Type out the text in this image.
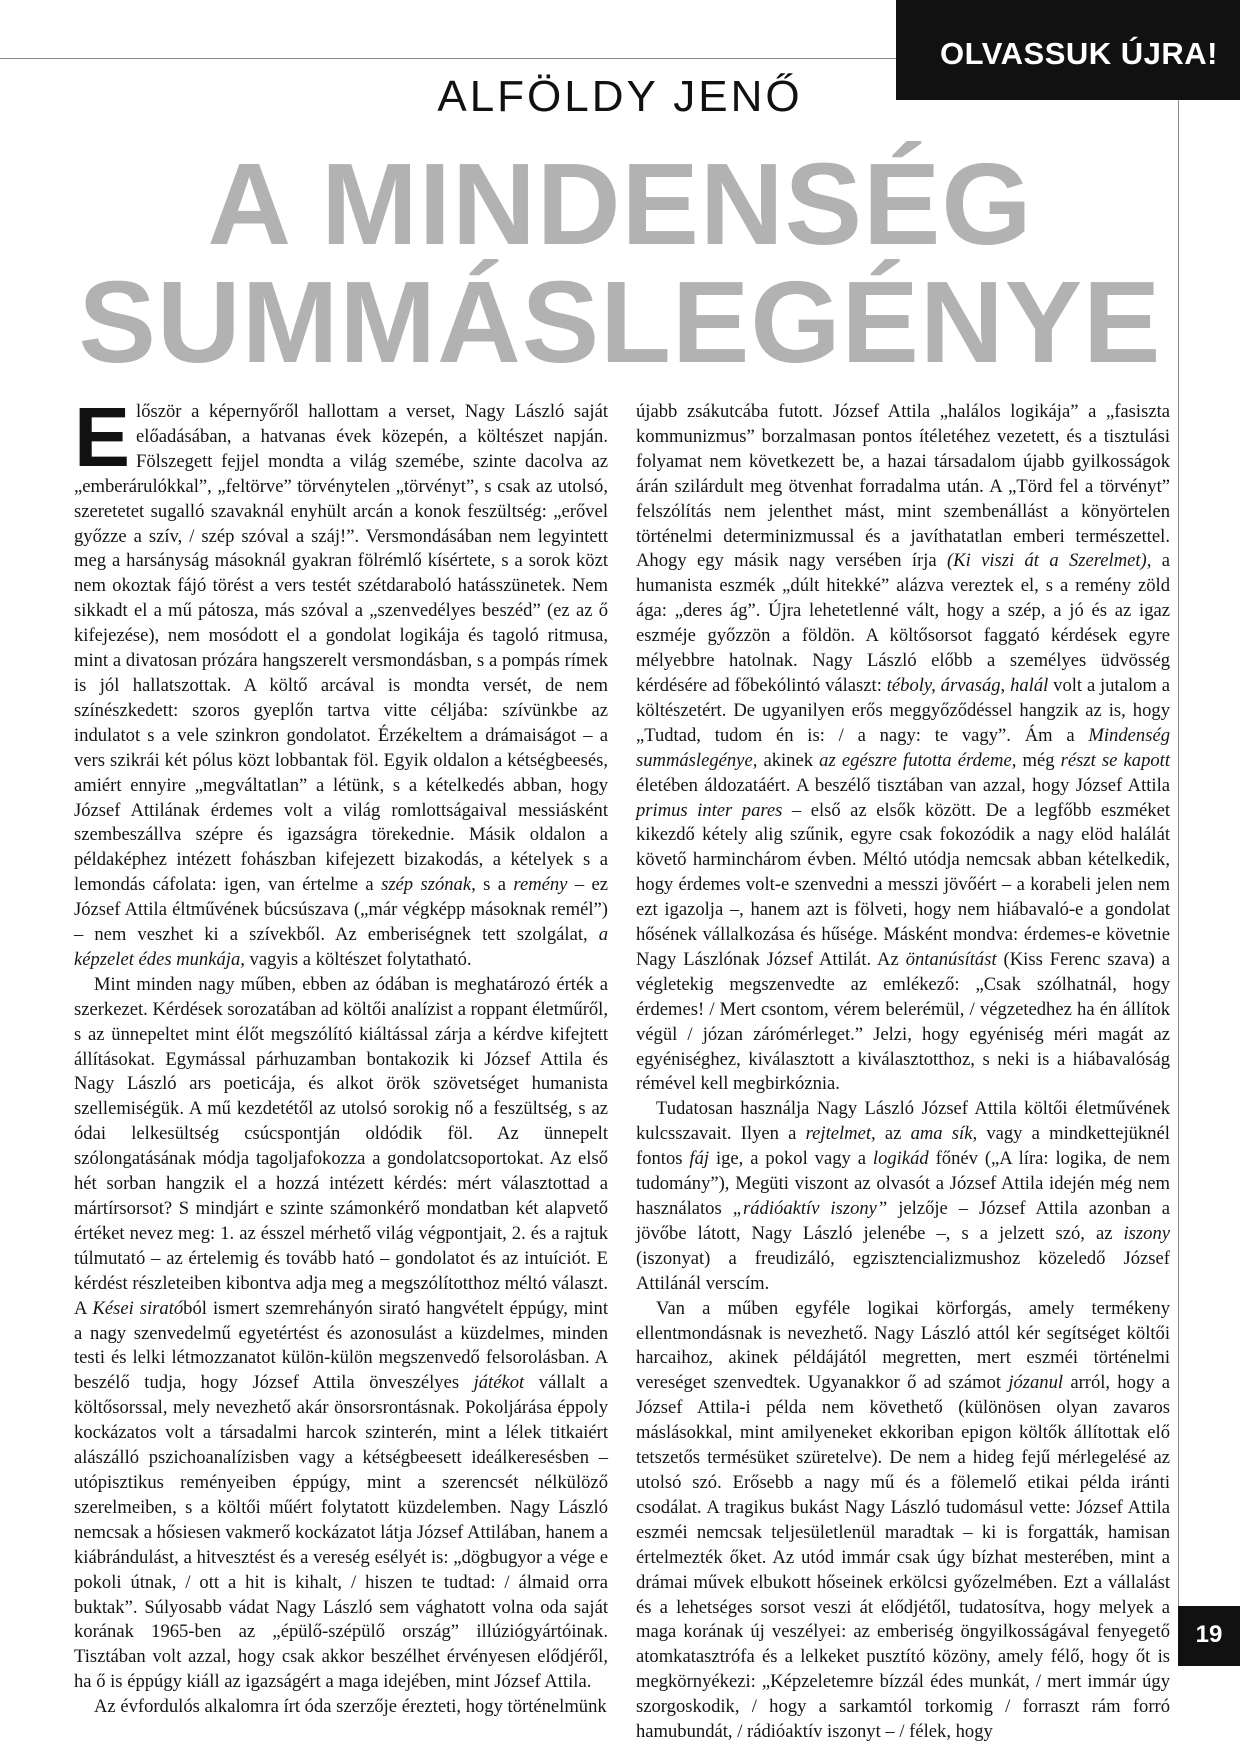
OLVASSUK ÚJRA!
ALFÖLDY JENŐ
A MINDENSÉG
SUMMÁSLEGÉNYE

Először a képernyőről hallottam a verset, Nagy László saját előadásában, a hatvanas évek közepén, a költészet napján. Fölszegett fejjel mondta a világ szemébe, szinte dacolva az „emberárulókkal”, „feltörve” törvénytelen „törvényt”, s csak az utolsó, szeretetet sugalló szavaknál enyhült arcán a konok feszültség: „erővel győzze a szív, / szép szóval a száj!”. Versmondásában nem legyintett meg a harsányság másoknál gyakran fölrémlő kísértete, s a sorok közt nem okoztak fájó törést a vers testét szétdaraboló hatásszünetek. Nem sikkadt el a mű pátosza, más szóval a „szenvedélyes beszéd” (ez az ő kifejezése), nem mosódott el a gondolat logikája és tagoló ritmusa, mint a divatosan prózára hangszerelt versmondásban, s a pompás rímek is jól hallatszottak. A költő arcával is mondta versét, de nem színészkedett: szoros gyeplőn tartva vitte céljába: szívünkbe az indulatot s a vele szinkron gondolatot. Érzékeltem a drámaiságot – a vers szikrái két pólus közt lobbantak föl. Egyik oldalon a kétségbeesés, amiért ennyire „megváltatlan” a létünk, s a kételkedés abban, hogy József Attilának érdemes volt a világ romlottságaival messiásként szembeszállva szépre és igazságra törekednie. Másik oldalon a példaképhez intézett fohászban kifejezett bizakodás, a kételyek s a lemondás cáfolata: igen, van értelme a szép szónak, s a remény – ez József Attila éltművének búcsúszava („már végképp másoknak remél”) – nem veszhet ki a szívekből. Az emberiségnek tett szolgálat, a képzelet édes munkája, vagyis a költészet folytatható.

Mint minden nagy műben, ebben az ódában is meghatározó érték a szerkezet. Kérdések sorozatában ad költői analízist a roppant életműről, s az ünnepeltet mint élőt megszólító kiáltással zárja a kérdve kifejtett állításokat. Egymással párhuzamban bontakozik ki József Attila és Nagy László ars poeticája, és alkot örök szövetséget humanista szellemiségük. A mű kezdetétől az utolsó sorokig nő a feszültség, s az ódai lelkesültség csúcspontján oldódik föl. Az ünnepelt szólongatásának módja tagoljafokozza a gondolatcsoportokat. Az első hét sorban hangzik el a hozzá intézett kérdés: mért választottad a mártírsorsot? S mindjárt e szinte számonkérő mondatban két alapvető értéket nevez meg: 1. az ésszel mérhető világ végpontjait, 2. és a rajtuk túlmutató – az értelemig és tovább ható – gondolatot és az intuíciót. E kérdést részleteiben kibontva adja meg a megszólítotthoz méltó választ. A Kései siratóból ismert szemrehányón sirató hangvételt éppúgy, mint a nagy szenvedelmű egyetértést és azonosulást a küzdelmes, minden testi és lelki létmozzanatot külön-külön megszenvedő felsorolásban. A beszélő tudja, hogy József Attila önveszélyes játékot vállalt a költősorssal, mely nevezhető akár önsorsrontásnak. Pokoljárása éppoly kockázatos volt a társadalmi harcok szinterén, mint a lélek titkaiért alászálló pszichoanalízisben vagy a kétségbeesett ideálkeresésben – utópisztikus reményeiben éppúgy, mint a szerencsét nélkülöző szerelmeiben, s a költői műért folytatott küzdelemben. Nagy László nemcsak a hősiesen vakmerő kockázatot látja József Attilában, hanem a kiábrándulást, a hitvesztést és a vereség esélyét is: „dögbugyor a vége e pokoli útnak, / ott a hit is kihalt, / hiszen te tudtad: / álmaid orra buktak”. Súlyosabb vádat Nagy László sem vághatott volna oda saját korának 1965-ben az „épülő-szépülő ország” illúziógyártóinak. Tisztában volt azzal, hogy csak akkor beszélhet érvényesen elődjéről, ha ő is éppúgy kiáll az igazságért a maga idejében, mint József Attila.

Az évfordulós alkalomra írt óda szerzője érezteti, hogy történelmünk

újabb zsákutcába futott. József Attila „halálos logikája” a „fasiszta kommunizmus” borzalmasan pontos ítéletéhez vezetett, és a tisztulási folyamat nem következett be, a hazai társadalom újabb gyilkosságok árán szilárdult meg ötvenhat forradalma után. A „Törd fel a törvényt” felszólítás nem jelenthet mást, mint szembenállást a könyörtelen történelmi determinizmussal és a javíthatatlan emberi természettel. Ahogy egy másik nagy versében írja (Ki viszi át a Szerelmet), a humanista eszmék „dúlt hitekké” alázva vereztek el, s a remény zöld ága: „deres ág”. Újra lehetetlenné vált, hogy a szép, a jó és az igaz eszméje győzzön a földön. A költősorsot faggató kérdések egyre mélyebbre hatolnak. Nagy László előbb a személyes üdvösség kérdésére ad főbekólintó választ: téboly, árvaság, halál volt a jutalom a költészetért. De ugyanilyen erős meggyőződéssel hangzik az is, hogy „Tudtad, tudom én is: / a nagy: te vagy”. Ám a Mindenség summáslegénye, akinek az egészre futotta érdeme, még részt se kapott életében áldozatáért. A beszélő tisztában van azzal, hogy József Attila primus inter pares – első az elsők között. De a legfőbb eszméket kikezdő kétely alig szűnik, egyre csak fokozódik a nagy elöd halálát követő harminchárom évben. Méltó utódja nemcsak abban kételkedik, hogy érdemes volt-e szenvedni a messzi jövőért – a korabeli jelen nem ezt igazolja –, hanem azt is fölveti, hogy nem hiábavaló-e a gondolat hősének vállalkozása és hűsége. Másként mondva: érdemes-e követnie Nagy Lászlónak József Attilát. Az öntanúsítást (Kiss Ferenc szava) a végletekig megszenvedte az emlékező: „Csak szólhatnál, hogy érdemes! / Mert csontom, vérem belerémül, / végzetedhez ha én állítok végül / józan zárómérleget.” Jelzi, hogy egyéniség méri magát az egyéniséghez, kiválasztott a kiválasztotthoz, s neki is a hiábavalóság rémével kell megbirkóznia.

Tudatosan használja Nagy László József Attila költői életművének kulcsszavait. Ilyen a rejtelmet, az ama sík, vagy a mindkettejüknél fontos fáj ige, a pokol vagy a logikád főnév („A líra: logika, de nem tudomány”), Megüti viszont az olvasót a József Attila idején még nem használatos „rádióaktív iszony” jelzője – József Attila azonban a jövőbe látott, Nagy László jelenébe –, s a jelzett szó, az iszony (iszonyat) a freudizáló, egzisztencializmushoz közeledő József Attilánál verscím.

Van a műben egyféle logikai körforgás, amely termékeny ellentmondásnak is nevezhető. Nagy László attól kér segítséget költői harcaihoz, akinek példájától megretten, mert eszméi történelmi vereséget szenvedtek. Ugyanakkor ő ad számot józanul arról, hogy a József Attila-i példa nem követhető (különösen olyan zavaros máslásokkal, mint amilyeneket ekkoriban epigon költők állítottak elő tetszetős termésüket szüretelve). De nem a hideg fejű mérlegelésé az utolsó szó. Erősebb a nagy mű és a fölemelő etikai példa iránti csodálat. A tragikus bukást Nagy László tudomásul vette: József Attila eszméi nemcsak teljesületlenül maradtak – ki is forgatták, hamisan értelmezték őket. Az utód immár csak úgy bízhat mesterében, mint a drámai művek elbukott hőseinek erkölcsi győzelmében. Ezt a vállalást és a lehetséges sorsot veszi át elődjétől, tudatosítva, hogy melyek a maga korának új veszélyei: az emberiség öngyilkosságával fenyegető atomkatasztrófa és a lelkeket pusztító közöny, amely félő, hogy őt is megkörnyékezi: „Képzeletemre bízzál édes munkát, / mert immár úgy szorgoskodik, / hogy a sarkamtól torkomig / forraszt rám forró hamubundát, / rádióaktív iszonyt – / félek, hogy

19
